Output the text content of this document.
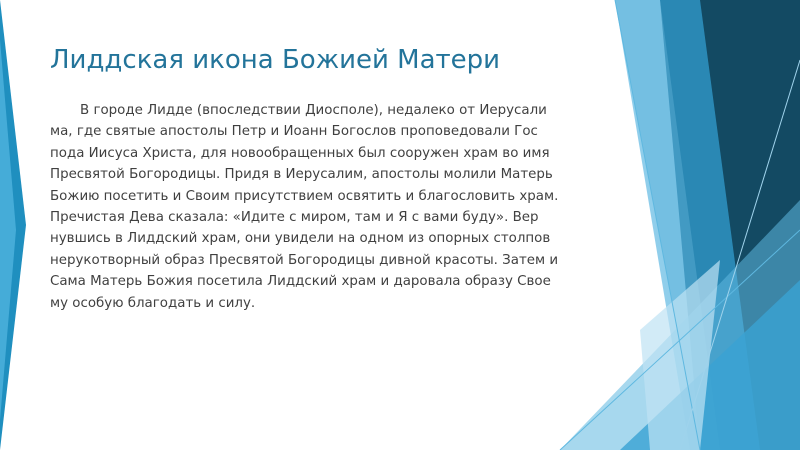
Лиддская икона Божией Матери
В городе Лидде (впоследствии Диосполе), недалеко от Иерусали
ма, где святые апостолы Петр и Иоанн Богослов проповедовали Гос
пода Иисуса Христа, для новообращенных был сооружен храм во имя
Пресвятой Богородицы. Придя в Иерусалим, апостолы молили Матерь
Божию посетить и Своим присутствием освятить и благословить храм.
Пречистая Дева сказала: «Идите с миром, там и Я с вами буду». Вер
нувшись в Лиддский храм, они увидели на одном из опорных столпов
нерукотворный образ Пресвятой Богородицы дивной красоты. Затем и
Сама Матерь Божия посетила Лиддский храм и даровала образу Свое
му особую благодать и силу.
